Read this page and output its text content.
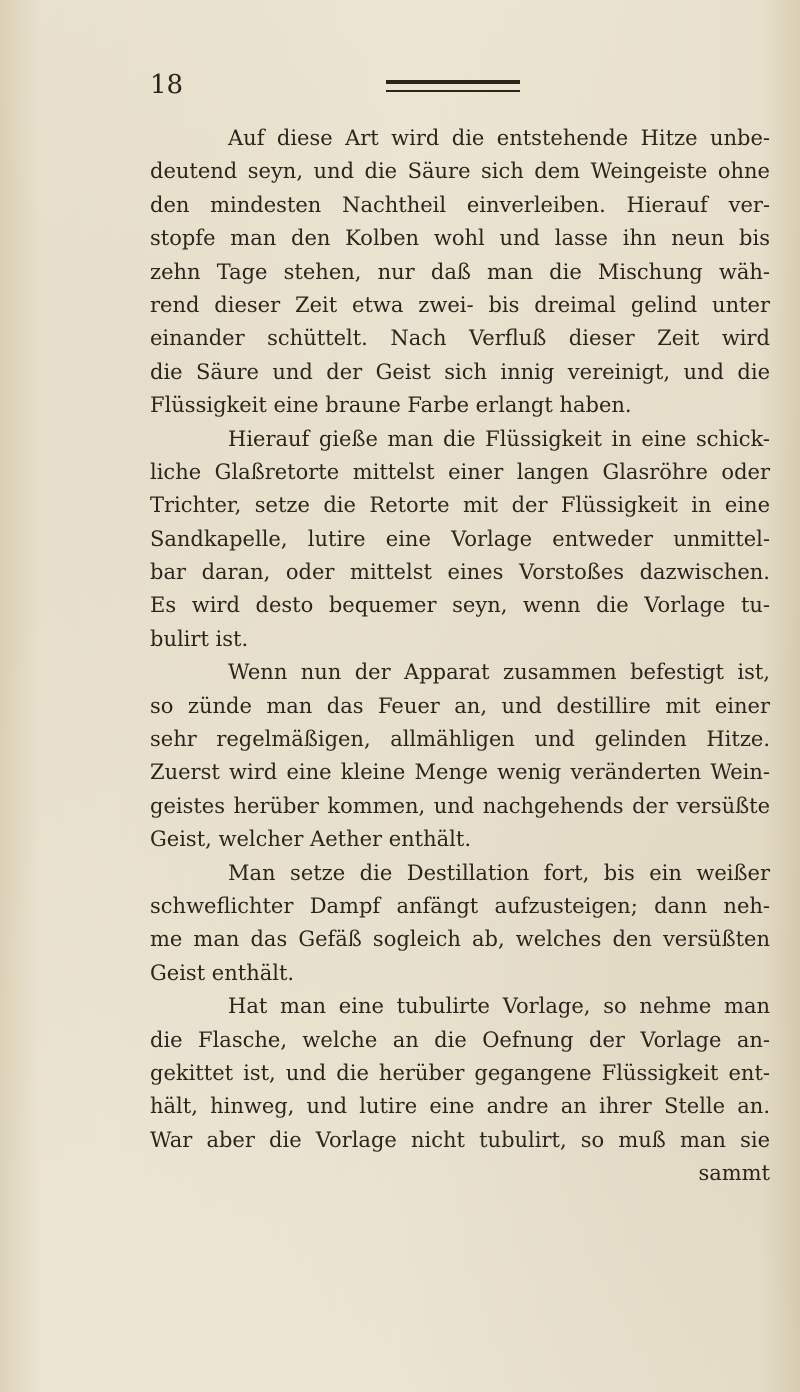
18
Auf diese Art wird die entstehende Hitze unbe-
deutend seyn, und die Säure sich dem Weingeiste ohne
den mindesten Nachtheil einverleiben. Hierauf ver-
stopfe man den Kolben wohl und lasse ihn neun bis
zehn Tage stehen, nur daß man die Mischung wäh-
rend dieser Zeit etwa zwei- bis dreimal gelind unter
einander schüttelt. Nach Verfluß dieser Zeit wird
die Säure und der Geist sich innig vereinigt, und die
Flüssigkeit eine braune Farbe erlangt haben.
Hierauf gieße man die Flüssigkeit in eine schick-
liche Glaßretorte mittelst einer langen Glasröhre oder
Trichter, setze die Retorte mit der Flüssigkeit in eine
Sandkapelle, lutire eine Vorlage entweder unmittel-
bar daran, oder mittelst eines Vorstoßes dazwischen.
Es wird desto bequemer seyn, wenn die Vorlage tu-
bulirt ist.
Wenn nun der Apparat zusammen befestigt ist,
so zünde man das Feuer an, und destillire mit einer
sehr regelmäßigen, allmähligen und gelinden Hitze.
Zuerst wird eine kleine Menge wenig veränderten Wein-
geistes herüber kommen, und nachgehends der versüßte
Geist, welcher Aether enthält.
Man setze die Destillation fort, bis ein weißer
schweflichter Dampf anfängt aufzusteigen; dann neh-
me man das Gefäß sogleich ab, welches den versüßten
Geist enthält.
Hat man eine tubulirte Vorlage, so nehme man
die Flasche, welche an die Oefnung der Vorlage an-
gekittet ist, und die herüber gegangene Flüssigkeit ent-
hält, hinweg, und lutire eine andre an ihrer Stelle an.
War aber die Vorlage nicht tubulirt, so muß man sie
sammt
